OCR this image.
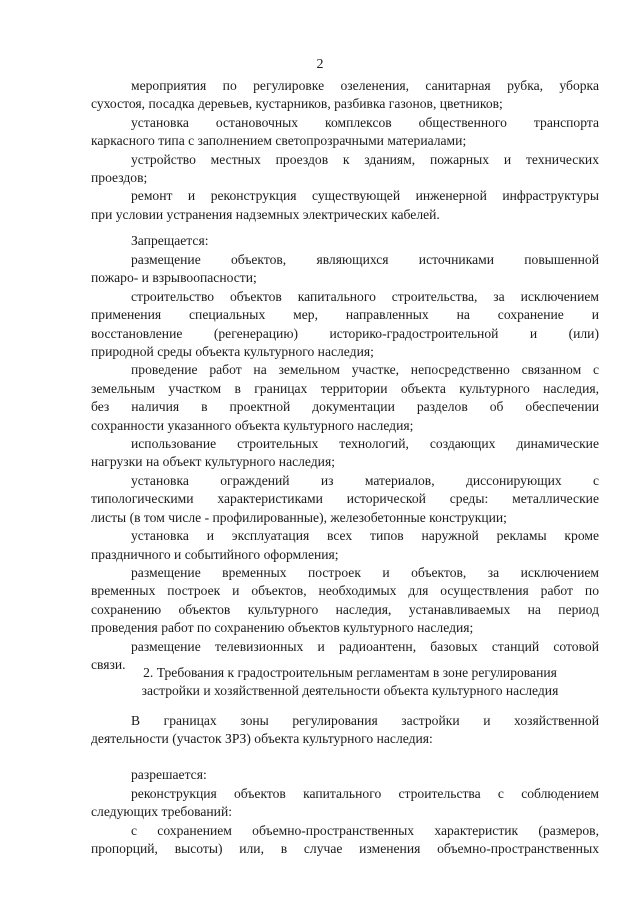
2

мероприятия по регулировке озеленения, санитарная рубка, уборка

сухостоя, посадка деревьев, кустарников, разбивка газонов, цветников;

установка остановочных комплексов общественного транспорта

каркасного типа с заполнением светопрозрачными материалами;

устройство местных проездов к зданиям, пожарных и технических

проездов;

ремонт и реконструкция существующей инженерной инфраструктуры

при условии устранения надземных электрических кабелей.

Запрещается:

размещение объектов, являющихся источниками повышенной

пожаро- и взрывоопасности;

строительство объектов капитального строительства, за исключением

применения специальных мер, направленных на сохранение и

восстановление (регенерацию) историко-градостроительной и (или)

природной среды объекта культурного наследия;

проведение работ на земельном участке, непосредственно связанном с

земельным участком в границах территории объекта культурного наследия,

без наличия в проектной документации разделов об обеспечении

сохранности указанного объекта культурного наследия;

использование строительных технологий, создающих динамические

нагрузки на объект культурного наследия;

установка ограждений из материалов, диссонирующих с

типологическими характеристиками исторической среды: металлические

листы (в том числе - профилированные), железобетонные конструкции;

установка и эксплуатация всех типов наружной рекламы кроме

праздничного и событийного оформления;

размещение временных построек и объектов, за исключением

временных построек и объектов, необходимых для осуществления работ по

сохранению объектов культурного наследия, устанавливаемых на период

проведения работ по сохранению объектов культурного наследия;

размещение телевизионных и радиоантенн, базовых станций сотовой

связи.

2. Требования к градостроительным регламентам в зоне регулирования

застройки и хозяйственной деятельности объекта культурного наследия

В границах зоны регулирования застройки и хозяйственной

деятельности (участок ЗРЗ) объекта культурного наследия:

разрешается:

реконструкция объектов капитального строительства с соблюдением

следующих требований:

с сохранением объемно-пространственных характеристик (размеров,

пропорций, высоты) или, в случае изменения объемно-пространственных
